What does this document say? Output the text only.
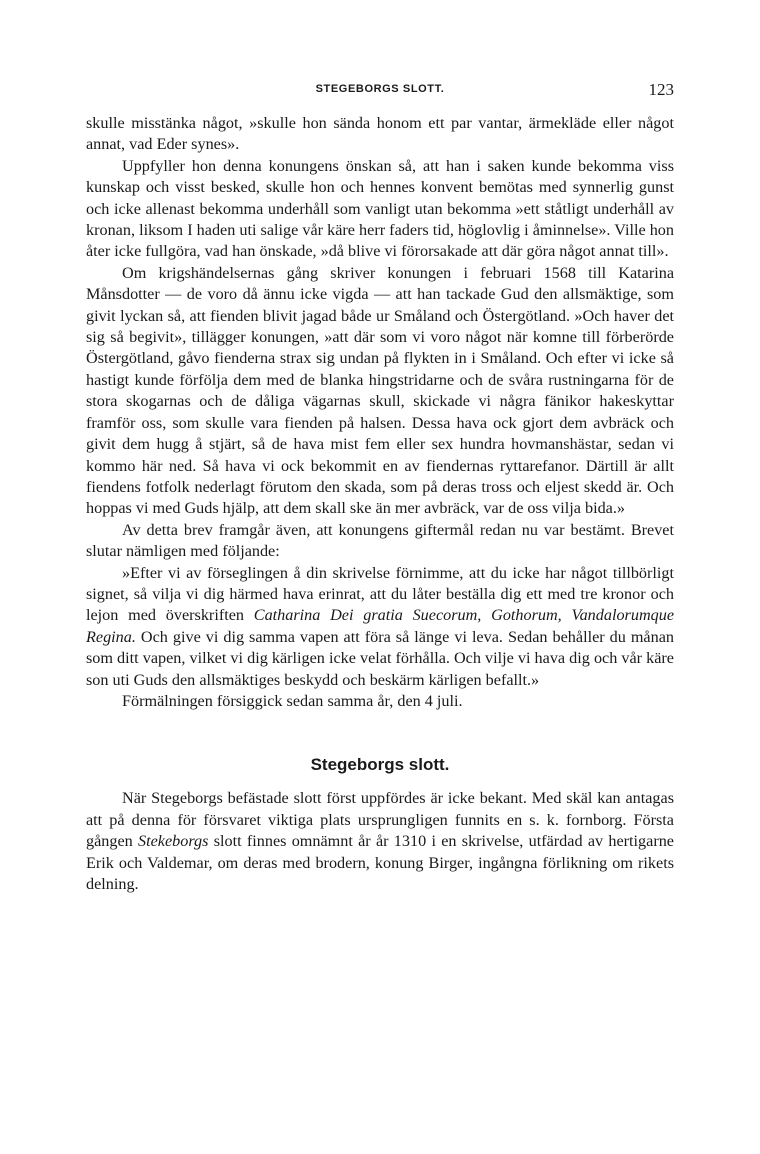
STEGEBORGS SLOTT.	123

skulle misstänka något, »skulle hon sända honom ett par vantar, ärmekläde eller något annat, vad Eder synes».

Uppfyller hon denna konungens önskan så, att han i saken kunde bekomma viss kunskap och visst besked, skulle hon och hennes konvent bemötas med synnerlig gunst och icke allenast bekomma underhåll som vanligt utan bekomma »ett ståtligt underhåll av kronan, liksom I haden uti salige vår käre herr faders tid, höglovlig i åminnelse». Ville hon åter icke fullgöra, vad han önskade, »då blive vi förorsakade att där göra något annat till».

Om krigshändelsernas gång skriver konungen i februari 1568 till Katarina Månsdotter — de voro då ännu icke vigda — att han tackade Gud den allsmäktige, som givit lyckan så, att fienden blivit jagad både ur Småland och Östergötland. »Och haver det sig så begivit», tillägger konungen, »att där som vi voro något när komne till förberörde Östergötland, gåvo fienderna strax sig undan på flykten in i Småland. Och efter vi icke så hastigt kunde förfölja dem med de blanka hingstridarne och de svåra rustningarna för de stora skogarnas och de dåliga vägarnas skull, skickade vi några fänikor hakeskyttar framför oss, som skulle vara fienden på halsen. Dessa hava ock gjort dem avbräck och givit dem hugg å stjärt, så de hava mist fem eller sex hundra hovmanshästar, sedan vi kommo här ned. Så hava vi ock bekommit en av fiendernas ryttarefanor. Därtill är allt fiendens fotfolk nederlagt förutom den skada, som på deras tross och eljest skedd är. Och hoppas vi med Guds hjälp, att dem skall ske än mer avbräck, var de oss vilja bida.»

Av detta brev framgår även, att konungens giftermål redan nu var bestämt. Brevet slutar nämligen med följande:

»Efter vi av förseglingen å din skrivelse förnimme, att du icke har något tillbörligt signet, så vilja vi dig härmed hava erinrat, att du låter beställa dig ett med tre kronor och lejon med överskriften Catharina Dei gratia Suecorum, Gothorum, Vandalorumque Regina. Och give vi dig samma vapen att föra så länge vi leva. Sedan behåller du månan som ditt vapen, vilket vi dig kärligen icke velat förhålla. Och vilje vi hava dig och vår käre son uti Guds den allsmäktiges beskydd och beskärm kärligen befallt.»

Förmälningen försiggick sedan samma år, den 4 juli.

Stegeborgs slott.

När Stegeborgs befästade slott först uppfördes är icke bekant. Med skäl kan antagas att på denna för försvaret viktiga plats ursprungligen funnits en s. k. fornborg. Första gången Stekeborgs slott finnes omnämnt år år 1310 i en skrivelse, utfärdad av hertigarne Erik och Valdemar, om deras med brodern, konung Birger, ingångna förlikning om rikets delning.
